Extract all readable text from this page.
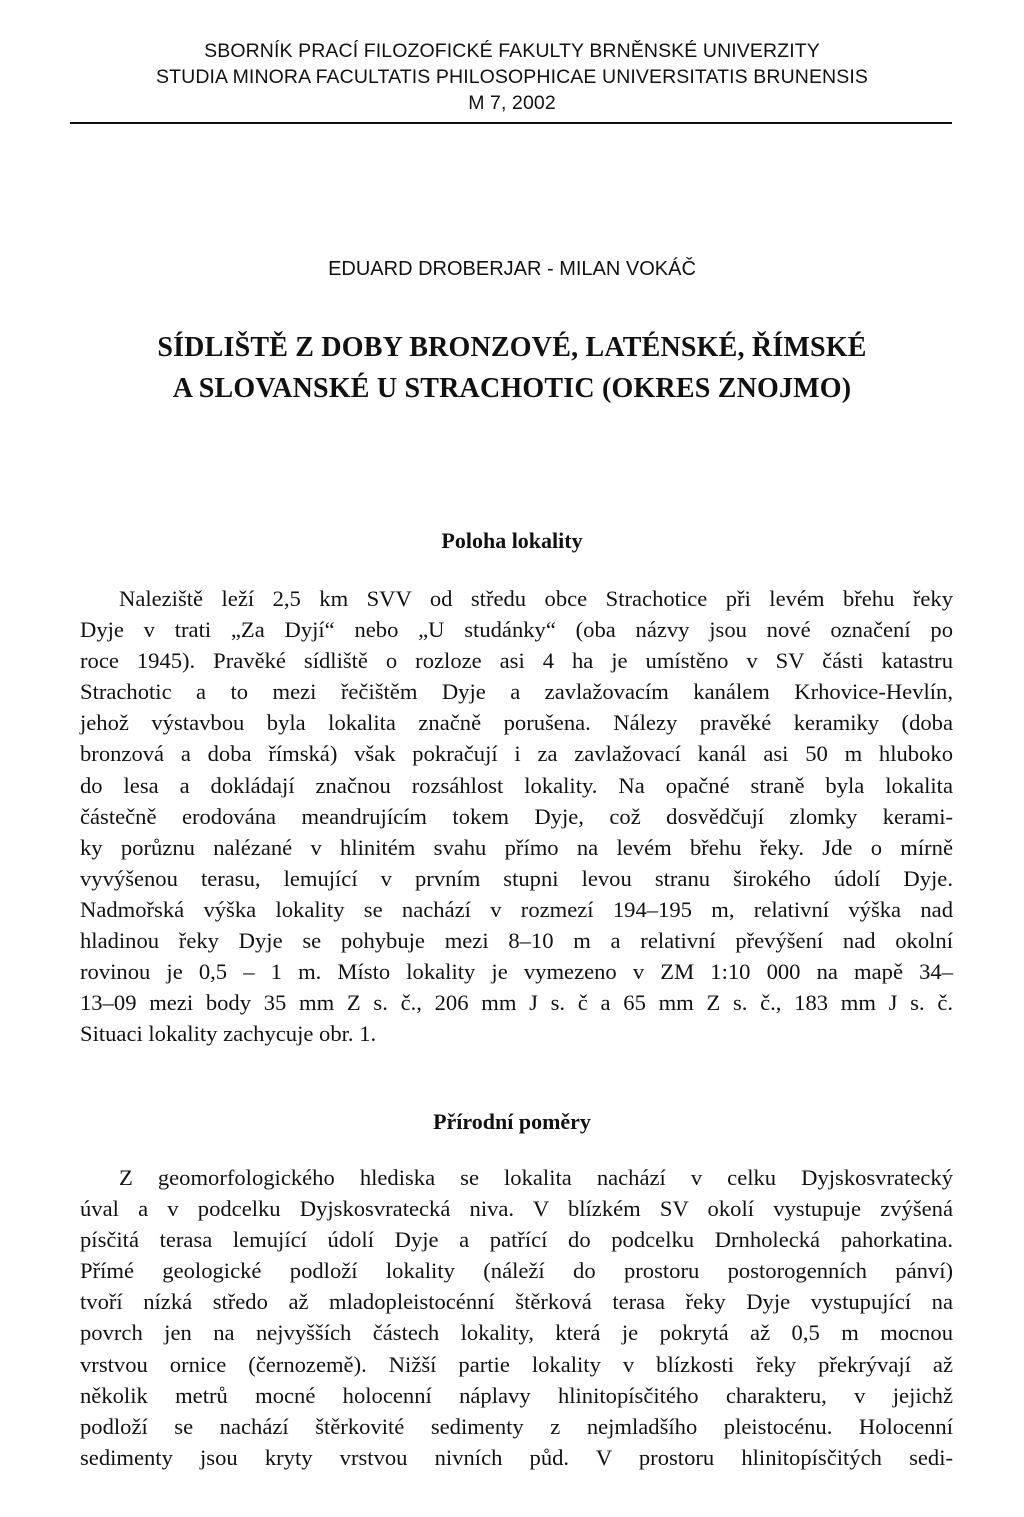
SBORNÍK PRACÍ FILOZOFICKÉ FAKULTY BRNĚNSKÉ UNIVERZITY
STUDIA MINORA FACULTATIS PHILOSOPHICAE UNIVERSITATIS BRUNENSIS
M 7, 2002
EDUARD DROBERJAR - MILAN VOKÁČ
SÍDLIŠTĚ Z DOBY BRONZOVÉ, LATÉNSKÉ, ŘÍMSKÉ
A SLOVANSKÉ U STRACHOTIC (OKRES ZNOJMO)
Poloha lokality
Naleziště leží 2,5 km SVV od středu obce Strachotice při levém břehu řeky
Dyje v trati „Za Dyjí“ nebo „U studánky“ (oba názvy jsou nové označení po
roce 1945). Pravěké sídliště o rozloze asi 4 ha je umístěno v SV části katastru
Strachotic a to mezi řečištěm Dyje a zavlažovacím kanálem Krhovice-Hevlín,
jehož výstavbou byla lokalita značně porušena. Nálezy pravěké keramiky (doba
bronzová a doba římská) však pokračují i za zavlažovací kanál asi 50 m hluboko
do lesa a dokládají značnou rozsáhlost lokality. Na opačné straně byla lokalita
částečně erodována meandrujícím tokem Dyje, což dosvědčují zlomky kerami-
ky porůznu nalézané v hlinitém svahu přímo na levém břehu řeky. Jde o mírně
vyvýšenou terasu, lemující v prvním stupni levou stranu širokého údolí Dyje.
Nadmořská výška lokality se nachází v rozmezí 194–195 m, relativní výška nad
hladinou řeky Dyje se pohybuje mezi 8–10 m a relativní převýšení nad okolní
rovinou je 0,5 – 1 m. Místo lokality je vymezeno v ZM 1:10 000 na mapě 34–
13–09 mezi body 35 mm Z s. č., 206 mm J s. č a 65 mm Z s. č., 183 mm J s. č.
Situaci lokality zachycuje obr. 1.
Přírodní poměry
Z geomorfologického hlediska se lokalita nachází v celku Dyjskosvratecký
úval a v podcelku Dyjskosvratecká niva. V blízkém SV okolí vystupuje zvýšená
písčitá terasa lemující údolí Dyje a patřící do podcelku Drnholecká pahorkatina.
Přímé geologické podloží lokality (náleží do prostoru postorogenních pánví)
tvoří nízká středo až mladopleistocénní štěrková terasa řeky Dyje vystupující na
povrch jen na nejvyšších částech lokality, která je pokrytá až 0,5 m mocnou
vrstvou ornice (černozemě). Nižší partie lokality v blízkosti řeky překrývají až
několik metrů mocné holocenní náplavy hlinitopísčitého charakteru, v jejichž
podloží se nachází štěrkovité sedimenty z nejmladšího pleistocénu. Holocenní
sedimenty jsou kryty vrstvou nivních půd. V prostoru hlinitopísčitých sedi-
